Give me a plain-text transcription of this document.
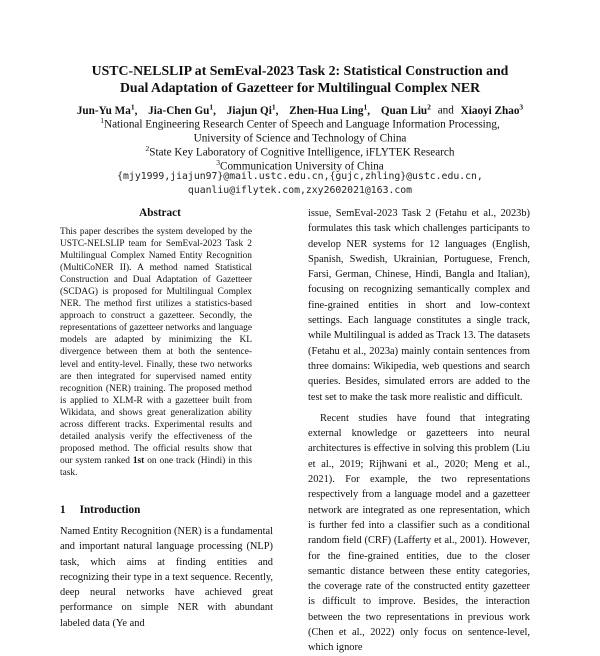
USTC-NELSLIP at SemEval-2023 Task 2: Statistical Construction and
Dual Adaptation of Gazetteer for Multilingual Complex NER
Jun-Yu Ma$^1$, Jia-Chen Gu$^1$, Jiajun Qi$^1$, Zhen-Hua Ling$^1$, Quan Liu$^2$ and Xiaoyi Zhao$^3$
$^1$National Engineering Research Center of Speech and Language Information Processing,
University of Science and Technology of China
$^2$State Key Laboratory of Cognitive Intelligence, iFLYTEK Research
$^3$Communication University of China
{mjy1999,jiajun97}@mail.ustc.edu.cn,{gujc,zhling}@ustc.edu.cn,
quanliu@iflytek.com,zxy2602021@163.com
Abstract

This paper describes the system developed by the USTC-NELSLIP team for SemEval-2023 Task 2 Multilingual Complex Named Entity Recognition (MultiCoNER II). A method named Statistical Construction and Dual Adaptation of Gazetteer (SCDAG) is proposed for Multilingual Complex NER. The method first utilizes a statistics-based approach to construct a gazetteer. Secondly, the representations of gazetteer networks and language models are adapted by minimizing the KL divergence between them at both the sentence-level and entity-level. Finally, these two networks are then integrated for supervised named entity recognition (NER) training. The proposed method is applied to XLM-R with a gazetteer built from Wikidata, and shows great generalization ability across different tracks. Experimental results and detailed analysis verify the effectiveness of the proposed method. The official results show that our system ranked 1st on one track (Hindi) in this task.

1 Introduction

Named Entity Recognition (NER) is a fundamental and important natural language processing (NLP) task, which aims at finding entities and recognizing their type in a text sequence. Recently, deep neural networks have achieved great performance on simple NER with abundant labeled data (Ye and

issue, SemEval-2023 Task 2 (Fetahu et al., 2023b) formulates this task which challenges participants to develop NER systems for 12 languages (English, Spanish, Swedish, Ukrainian, Portuguese, French, Farsi, German, Chinese, Hindi, Bangla and Italian), focusing on recognizing semantically complex and fine-grained entities in short and low-context settings. Each language constitutes a single track, while Multilingual is added as Track 13. The datasets (Fetahu et al., 2023a) mainly contain sentences from three domains: Wikipedia, web questions and search queries. Besides, simulated errors are added to the test set to make the task more realistic and difficult.

Recent studies have found that integrating external knowledge or gazetteers into neural architectures is effective in solving this problem (Liu et al., 2019; Rijhwani et al., 2020; Meng et al., 2021). For example, the two representations respectively from a language model and a gazetteer network are integrated as one representation, which is further fed into a classifier such as a conditional random field (CRF) (Lafferty et al., 2001). However, for the fine-grained entities, due to the closer semantic distance between these entity categories, the coverage rate of the constructed entity gazetteer is difficult to improve. Besides, the interaction between the two representations in previous work (Chen et al., 2022) only focus on sentence-level, which ignore
